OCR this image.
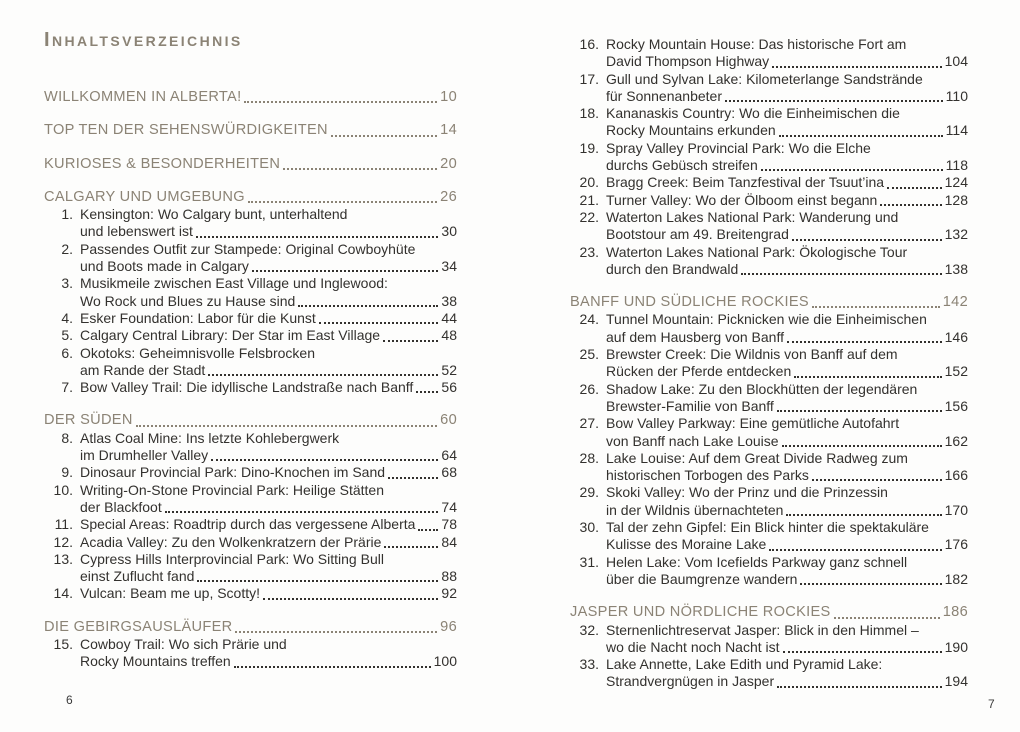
Inhaltsverzeichnis
WILLKOMMEN IN ALBERTA!	10
TOP TEN DER SEHENSWÜRDIGKEITEN	14
KURIOSES & BESONDERHEITEN	20
CALGARY UND UMGEBUNG	26
1. Kensington: Wo Calgary bunt, unterhaltend
und lebenswert ist	30
2. Passendes Outfit zur Stampede: Original Cowboyhüte
und Boots made in Calgary	34
3. Musikmeile zwischen East Village und Inglewood:
Wo Rock und Blues zu Hause sind	38
4. Esker Foundation: Labor für die Kunst	44
5. Calgary Central Library: Der Star im East Village	48
6. Okotoks: Geheimnisvolle Felsbrocken
am Rande der Stadt	52
7. Bow Valley Trail: Die idyllische Landstraße nach Banff 56
DER SÜDEN	60
8. Atlas Coal Mine: Ins letzte Kohlebergwerk
im Drumheller Valley	64
9. Dinosaur Provincial Park: Dino-Knochen im Sand	68
10. Writing-On-Stone Provincial Park: Heilige Stätten
der Blackfoot	74
11. Special Areas: Roadtrip durch das vergessene Alberta 78
12. Acadia Valley: Zu den Wolkenkratzern der Prärie	84
13. Cypress Hills Interprovincial Park: Wo Sitting Bull
einst Zuflucht fand	88
14. Vulcan: Beam me up, Scotty!	92
DIE GEBIRGSAUSLÄUFER	96
15. Cowboy Trail: Wo sich Prärie und
Rocky Mountains treffen	100
6
16. Rocky Mountain House: Das historische Fort am
David Thompson Highway	104
17. Gull und Sylvan Lake: Kilometerlange Sandstrände
für Sonnenanbeter	110
18. Kananaskis Country: Wo die Einheimischen die
Rocky Mountains erkunden	114
19. Spray Valley Provincial Park: Wo die Elche
durchs Gebüsch streifen	118
20. Bragg Creek: Beim Tanzfestival der Tsuut’ina	124
21. Turner Valley: Wo der Ölboom einst begann	128
22. Waterton Lakes National Park: Wanderung und
Bootstour am 49. Breitengrad	132
23. Waterton Lakes National Park: Ökologische Tour
durch den Brandwald	138
BANFF UND SÜDLICHE ROCKIES	142
24. Tunnel Mountain: Picknicken wie die Einheimischen
auf dem Hausberg von Banff	146
25. Brewster Creek: Die Wildnis von Banff auf dem
Rücken der Pferde entdecken	152
26. Shadow Lake: Zu den Blockhütten der legendären
Brewster-Familie von Banff	156
27. Bow Valley Parkway: Eine gemütliche Autofahrt
von Banff nach Lake Louise	162
28. Lake Louise: Auf dem Great Divide Radweg zum
historischen Torbogen des Parks	166
29. Skoki Valley: Wo der Prinz und die Prinzessin
in der Wildnis übernachteten	170
30. Tal der zehn Gipfel: Ein Blick hinter die spektakuläre
Kulisse des Moraine Lake	176
31. Helen Lake: Vom Icefields Parkway ganz schnell
über die Baumgrenze wandern	182
JASPER UND NÖRDLICHE ROCKIES	186
32. Sternenlichtreservat Jasper: Blick in den Himmel –
wo die Nacht noch Nacht ist	190
33. Lake Annette, Lake Edith und Pyramid Lake:
Strandvergnügen in Jasper	194
7
